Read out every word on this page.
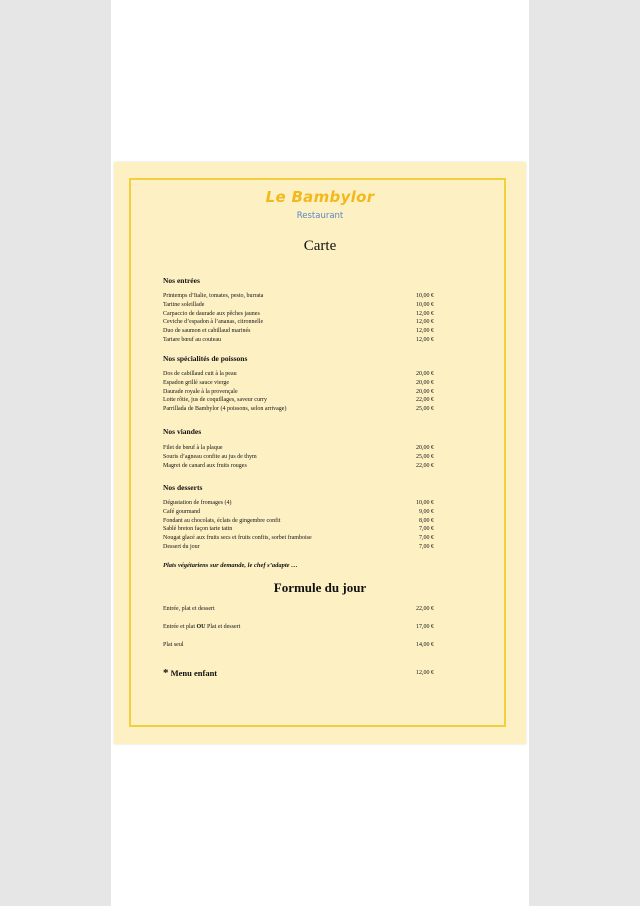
Le Bambylor
Restaurant
Carte
Nos entrées
Printemps d’Italie, tomates, pesto, burrata	10,00 €
Tartine soleillade	10,00 €
Carpaccio de daurade aux pêches jaunes	12,00 €
Ceviche d’espadon à l’ananas, citronnelle	12,00 €
Duo de saumon et cabillaud marinés	12,00 €
Tartare bœuf au couteau	12,00 €
Nos spécialités de poissons
Dos de cabillaud cuit à la peau	20,00 €
Espadon grillé sauce vierge	20,00 €
Daurade royale à la provençale	20,00 €
Lotte rôtie, jus de coquillages, saveur curry	22,00 €
Parrillada de Bambylor (4 poissons, selon arrivage)	25,00 €
Nos viandes
Filet de bœuf à la plaque	20,00 €
Souris d’agneau confite au jus de thym	25,00 €
Magret de canard aux fruits rouges	22,00 €
Nos desserts
Dégustation de fromages (4)	10,00 €
Café gourmand	9,00 €
Fondant au chocolats, éclats de gingembre confit	8,00 €
Sablé breton façon tarte tatin	7,00 €
Nougat glacé aux fruits secs et fruits confits, sorbet framboise	7,00 €
Dessert du jour	7,00 €
Plats végétariens sur demande, le chef s’adapte …
Formule du jour
Entrée, plat et dessert	22,00 €
Entrée et plat OU Plat et dessert	17,00 €
Plat seul	14,00 €
* Menu enfant	12,00 €
